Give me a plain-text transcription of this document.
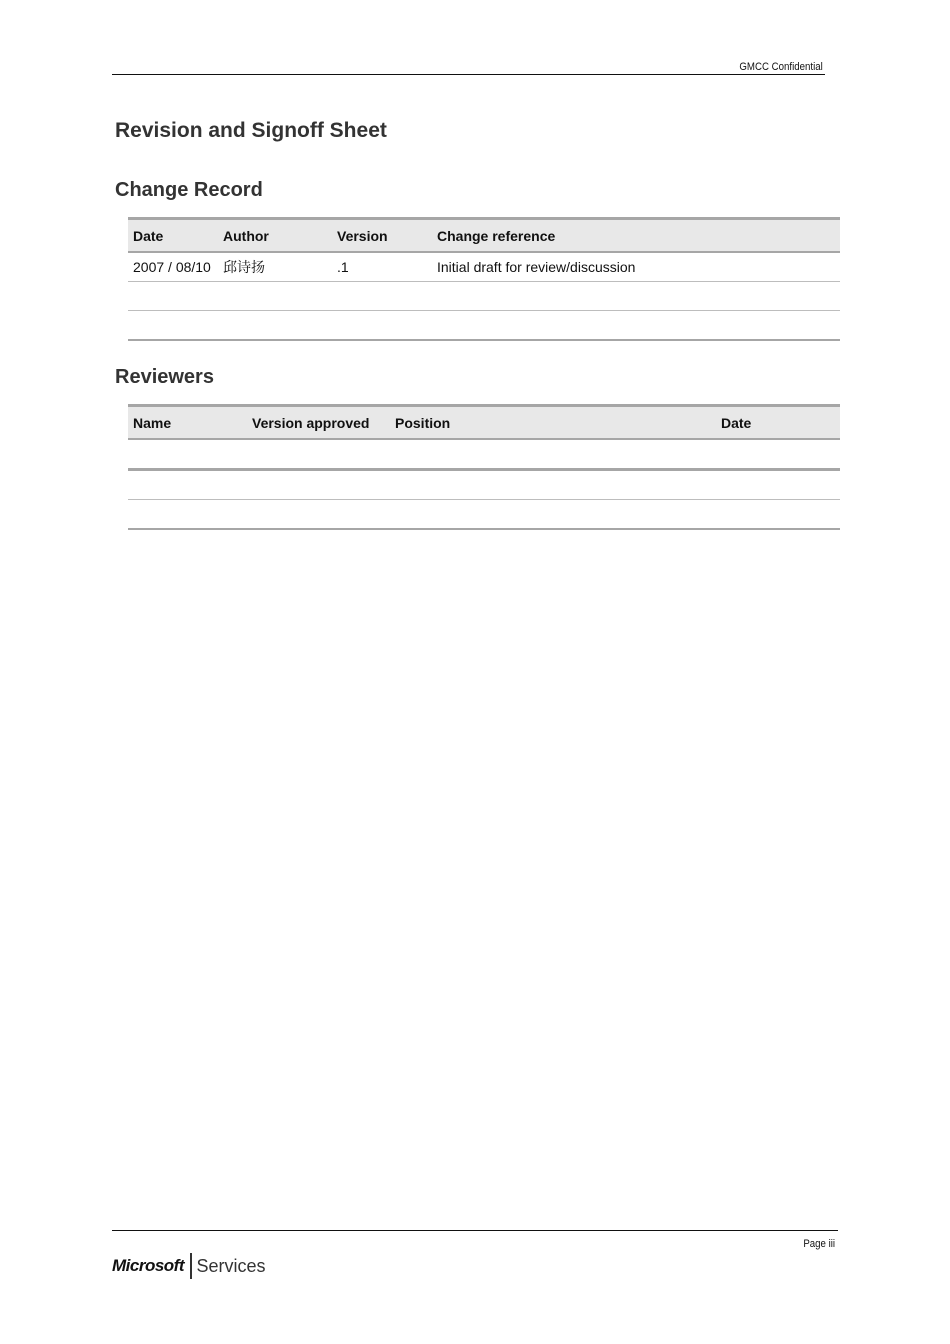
GMCC Confidential
Revision and Signoff Sheet
Change Record
Date	Author	Version	Change reference
2007 / 08/10	邱诗扬	.1	Initial draft for review/discussion

Reviewers
Name	Version approved	Position	Date

Page iii
Microsoft Services
